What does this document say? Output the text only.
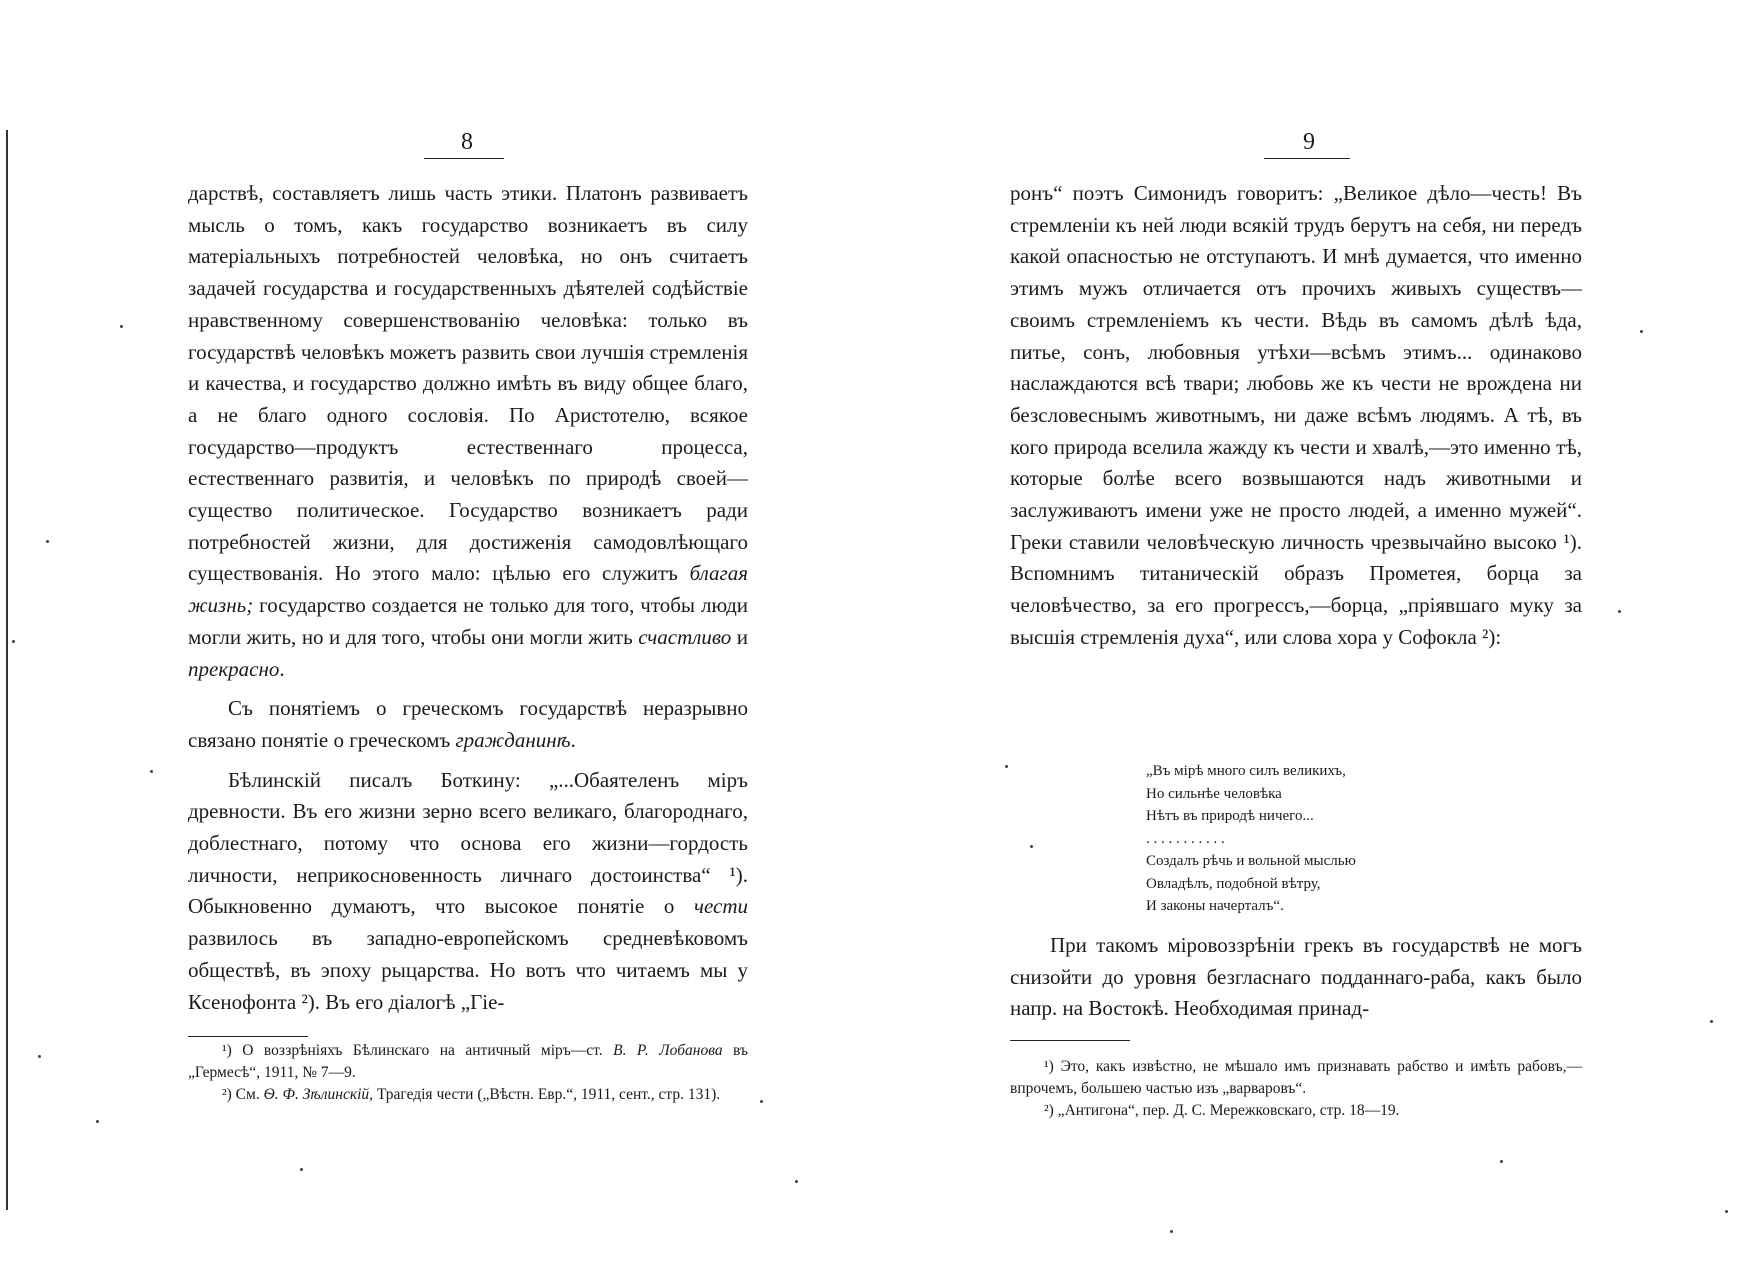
8

дарствѣ, составляетъ лишь часть этики. Платонъ развиваетъ мысль о томъ, какъ государство возникаетъ въ силу матеріальныхъ потребностей человѣка, но онъ считаетъ задачей государства и государственныхъ дѣятелей содѣйствіе нравственному совершенствованію человѣка: только въ государствѣ человѣкъ можетъ развить свои лучшія стремленія и качества, и государство должно имѣть въ виду общее благо, а не благо одного сословія. По Аристотелю, всякое государство—продуктъ естественнаго процесса, естественнаго развитія, и человѣкъ по природѣ своей—существо политическое. Государство возникаетъ ради потребностей жизни, для достиженія самодовлѣющаго существованія. Но этого мало: цѣлью его служитъ благая жизнь; государство создается не только для того, чтобы люди могли жить, но и для того, чтобы они могли жить счастливо и прекрасно.

Съ понятіемъ о греческомъ государствѣ неразрывно связано понятіе о греческомъ гражданинѣ.

Бѣлинскій писалъ Боткину: „...Обаятеленъ міръ древности. Въ его жизни зерно всего великаго, благороднаго, доблестнаго, потому что основа его жизни—гордость личности, неприкосновенность личнаго достоинства“ ¹). Обыкновенно думаютъ, что высокое понятіе о чести развилось въ западно-европейскомъ средневѣковомъ обществѣ, въ эпоху рыцарства. Но вотъ что читаемъ мы у Ксенофонта ²). Въ его діалогѣ „Гіе-

¹) О воззрѣніяхъ Бѣлинскаго на античный міръ—ст. В. Р. Лобанова въ „Гермесѣ“, 1911, № 7—9.

²) См. Ѳ. Ф. Зѣлинскій, Трагедія чести („Вѣстн. Евр.“, 1911, сент., стр. 131).

9

ронъ“ поэтъ Симонидъ говоритъ: „Великое дѣло—честь! Въ стремленіи къ ней люди всякій трудъ берутъ на себя, ни передъ какой опасностью не отступаютъ. И мнѣ думается, что именно этимъ мужъ отличается отъ прочихъ живыхъ существъ—своимъ стремленіемъ къ чести. Вѣдь въ самомъ дѣлѣ ѣда, питье, сонъ, любовныя утѣхи—всѣмъ этимъ... одинаково наслаждаются всѣ твари; любовь же къ чести не врождена ни безсловеснымъ животнымъ, ни даже всѣмъ людямъ. А тѣ, въ кого природа вселила жажду къ чести и хвалѣ,—это именно тѣ, которые болѣе всего возвышаются надъ животными и заслуживаютъ имени уже не просто людей, а именно мужей“. Греки ставили человѣческую личность чрезвычайно высоко ¹). Вспомнимъ титаническій образъ Прометея, борца за человѣчество, за его прогрессъ,—борца, „пріявшаго муку за высшія стремленія духа“, или слова хора у Софокла ²):

„Въ мірѣ много силъ великихъ,
Но сильнѣе человѣка
Нѣтъ въ природѣ ничего...
. . . . . . . . . . .
Создалъ рѣчь и вольной мыслью
Овладѣлъ, подобной вѣтру,
И законы начерталъ“.

При такомъ міровоззрѣніи грекъ въ государствѣ не могъ снизойти до уровня безгласнаго подданнаго-раба, какъ было напр. на Востокѣ. Необходимая принад-

¹) Это, какъ извѣстно, не мѣшало имъ признавать рабство и имѣть рабовъ,—впрочемъ, большею частью изъ „варваровъ“.

²) „Антигона“, пер. Д. С. Мережковскаго, стр. 18—19.
